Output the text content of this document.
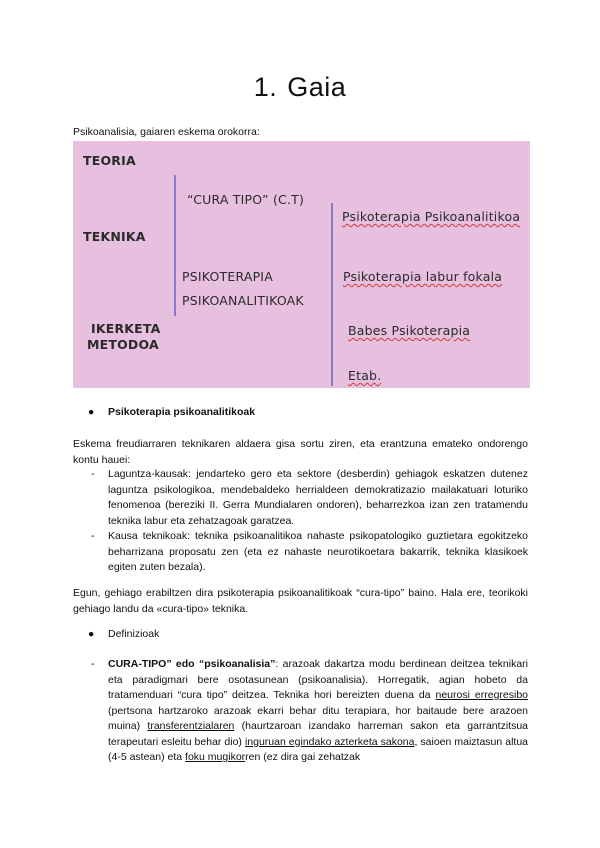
1. Gaia
Psikoanalisia, gaiaren eskema orokorra:
TEORIA
TEKNIKA
IKERKETA
METODOA
“CURA TIPO” (C.T)
PSIKOTERAPIA
PSIKOANALITIKOAK
Psikoterapia Psikoanalitikoa
Psikoterapia labur fokala
Babes Psikoterapia
Etab.
● Psikoterapia psikoanalitikoak
Eskema freudiarraren teknikaren aldaera gisa sortu ziren, eta erantzuna emateko ondorengo kontu hauei:
- Laguntza-kausak: jendarteko gero eta sektore (desberdin) gehiagok eskatzen dutenez laguntza psikologikoa, mendebaldeko herrialdeen demokratizazio mailakatuari loturiko fenomenoa (bereziki II. Gerra Mundialaren ondoren), beharrezkoa izan zen tratamendu teknika labur eta zehatzagoak garatzea.
- Kausa teknikoak: teknika psikoanalitikoa nahaste psikopatologiko guztietara egokitzeko beharrizana proposatu zen (eta ez nahaste neurotikoetara bakarrik, teknika klasikoek egiten zuten bezala).
Egun, gehiago erabiltzen dira psikoterapia psikoanalitikoak “cura-tipo” baino. Hala ere, teorikoki gehiago landu da «cura-tipo» teknika.
● Definizioak
- CURA-TIPO” edo “psikoanalisia”: arazoak dakartza modu berdinean deitzea teknikari eta paradigmari bere osotasunean (psikoanalisia). Horregatik, agian hobeto da tratamenduari “cura tipo” deitzea. Teknika hori bereizten duena da neurosi erregresibo (pertsona hartzaroko arazoak ekarri behar ditu terapiara, hor baitaude bere arazoen muina) transferentzialaren (haurtzaroan izandako harreman sakon eta garrantzitsua terapeutari esleitu behar dio) inguruan egindako azterketa sakona, saioen maiztasun altua (4-5 astean) eta foku mugikorren (ez dira gai zehatzak
